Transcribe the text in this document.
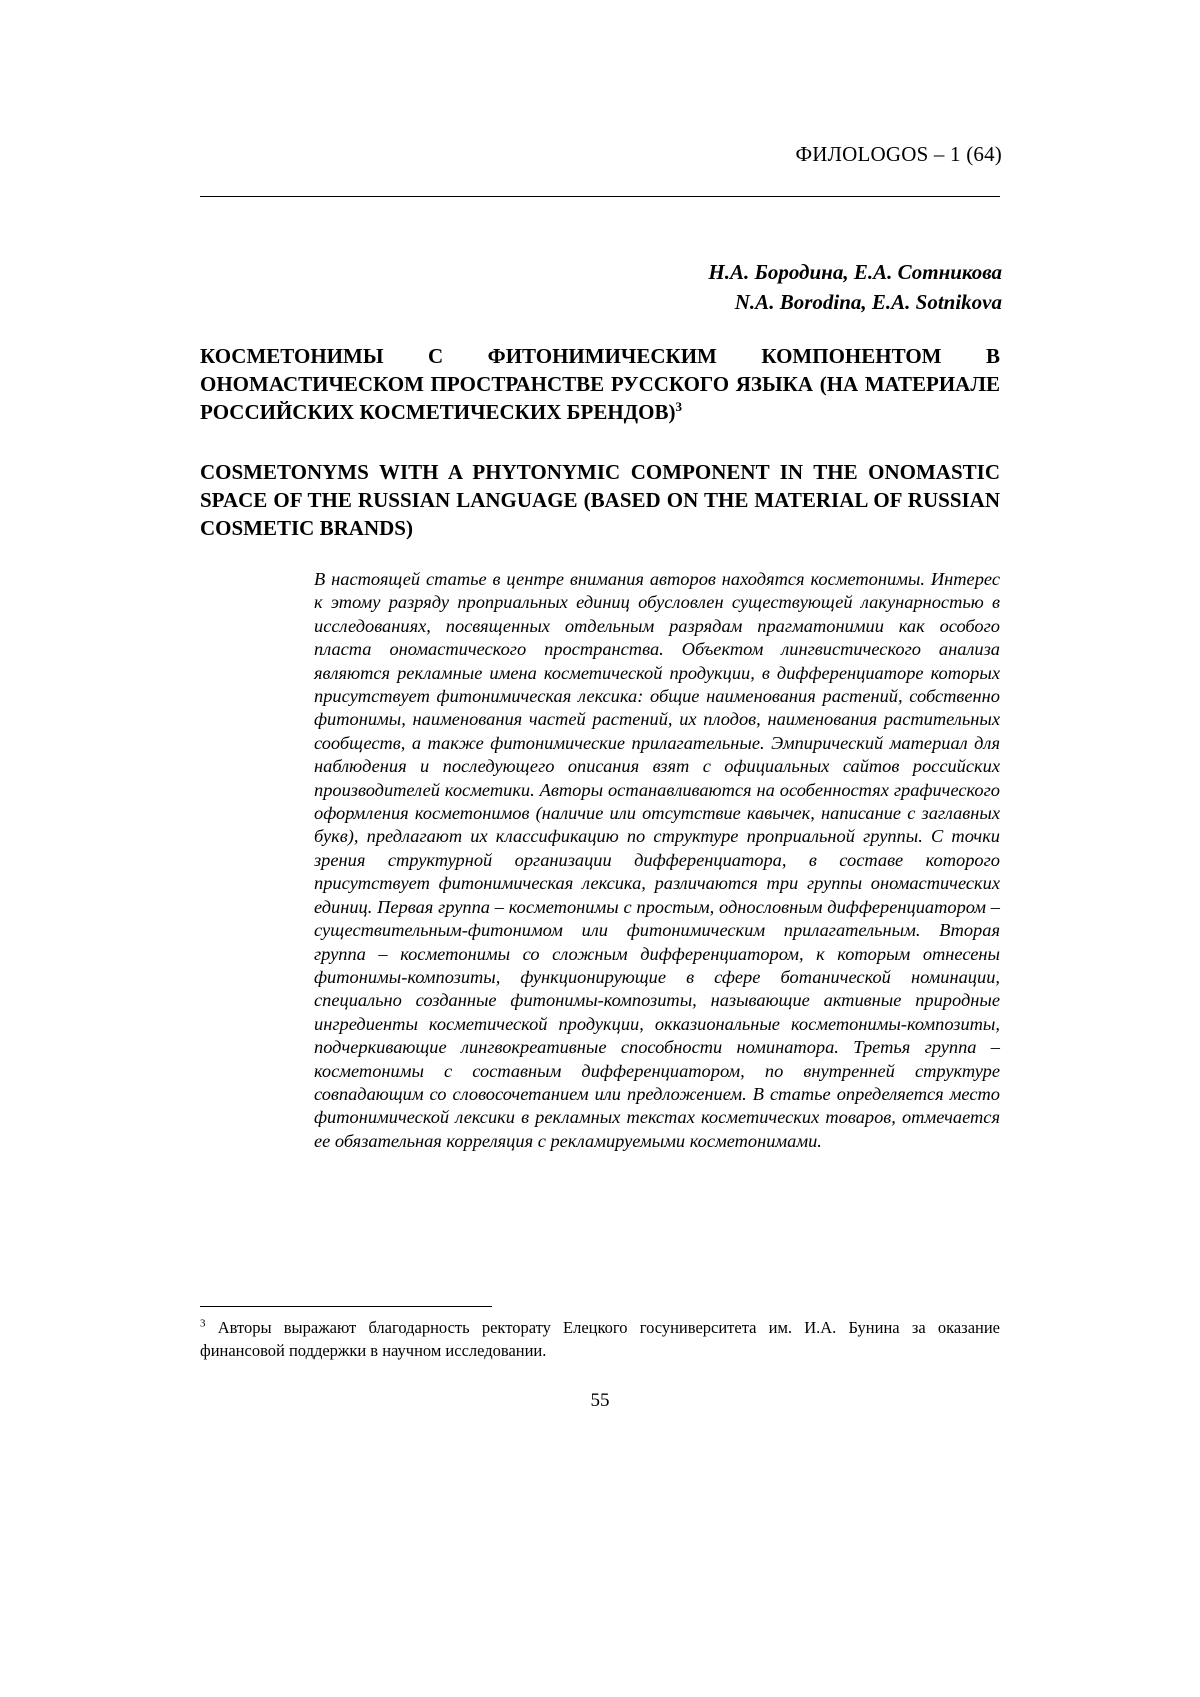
ФИЛОLOGOS – 1 (64)
Н.А. Бородина, Е.А. Сотникова
N.A. Borodina, E.A. Sotnikova
КОСМЕТОНИМЫ С ФИТОНИМИЧЕСКИМ КОМПОНЕНТОМ В ОНОМАСТИЧЕСКОМ ПРОСТРАНСТВЕ РУССКОГО ЯЗЫКА (НА МАТЕРИАЛЕ РОССИЙСКИХ КОСМЕТИЧЕСКИХ БРЕНДОВ)3
COSMETONYMS WITH A PHYTONYMIC COMPONENT IN THE ONOMASTIC SPACE OF THE RUSSIAN LANGUAGE (BASED ON THE MATERIAL OF RUSSIAN COSMETIC BRANDS)

В настоящей статье в центре внимания авторов находятся косметонимы. Интерес к этому разряду проприальных единиц обусловлен существующей лакунарностью в исследованиях, посвященных отдельным разрядам прагматонимии как особого пласта ономастического пространства. Объектом лингвистического анализа являются рекламные имена косметической продукции, в дифференциаторе которых присутствует фитонимическая лексика: общие наименования растений, собственно фитонимы, наименования частей растений, их плодов, наименования растительных сообществ, а также фитонимические прилагательные. Эмпирический материал для наблюдения и последующего описания взят с официальных сайтов российских производителей косметики. Авторы останавливаются на особенностях графического оформления косметонимов (наличие или отсутствие кавычек, написание с заглавных букв), предлагают их классификацию по структуре проприальной группы. С точки зрения структурной организации дифференциатора, в составе которого присутствует фитонимическая лексика, различаются три группы ономастических единиц. Первая группа – косметонимы с простым, однословным дифференциатором – существительным-фитонимом или фитонимическим прилагательным. Вторая группа – косметонимы со сложным дифференциатором, к которым отнесены фитонимы-композиты, функционирующие в сфере ботанической номинации, специально созданные фитонимы-композиты, называющие активные природные ингредиенты косметической продукции, окказиональные косметонимы-композиты, подчеркивающие лингвокреативные способности номинатора. Третья группа – косметонимы с составным дифференциатором, по внутренней структуре совпадающим со словосочетанием или предложением. В статье определяется место фитонимической лексики в рекламных текстах косметических товаров, отмечается ее обязательная корреляция с рекламируемыми косметонимами.

3 Авторы выражают благодарность ректорату Елецкого госуниверситета им. И.А. Бунина за оказание финансовой поддержки в научном исследовании.
55
